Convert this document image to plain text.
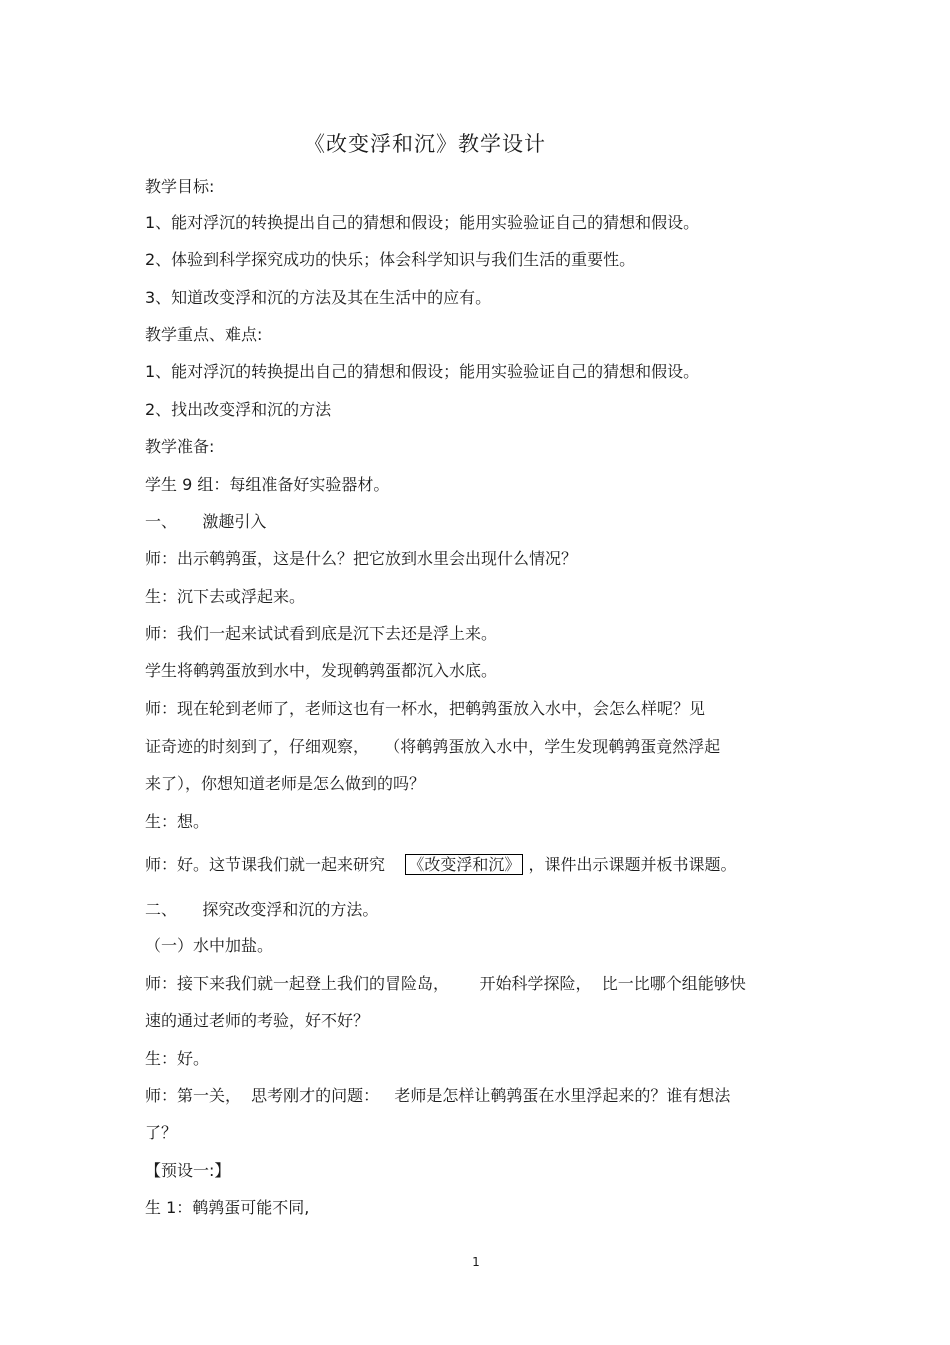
《改变浮和沉》教学设计
教学目标:
1、能对浮沉的转换提出自己的猜想和假设；能用实验验证自己的猜想和假设。
2、体验到科学探究成功的快乐；体会科学知识与我们生活的重要性。
3、知道改变浮和沉的方法及其在生活中的应有。
教学重点、难点:
1、能对浮沉的转换提出自己的猜想和假设；能用实验验证自己的猜想和假设。
2、找出改变浮和沉的方法
教学准备:
学生 9 组：每组准备好实验器材。
一、     激趣引入
师：出示鹌鹑蛋，这是什么？把它放到水里会出现什么情况？
生：沉下去或浮起来。
师：我们一起来试试看到底是沉下去还是浮上来。
学生将鹌鹑蛋放到水中，发现鹌鹑蛋都沉入水底。
师：现在轮到老师了，老师这也有一杯水，把鹌鹑蛋放入水中，会怎么样呢？见
证奇迹的时刻到了，仔细观察，   （将鹌鹑蛋放入水中，学生发现鹌鹑蛋竟然浮起
来了），你想知道老师是怎么做到的吗？
生：想。
师：好。这节课我们就一起来研究    《改变浮和沉》 ，课件出示课题并板书课题。
二、     探究改变浮和沉的方法。
（一）水中加盐。
师：接下来我们就一起登上我们的冒险岛，      开始科学探险，  比一比哪个组能够快
速的通过老师的考验，好不好？
生：好。
师：第一关，  思考刚才的问题：   老师是怎样让鹌鹑蛋在水里浮起来的？谁有想法
了？
【预设一:】
生 1：鹌鹑蛋可能不同,
1
